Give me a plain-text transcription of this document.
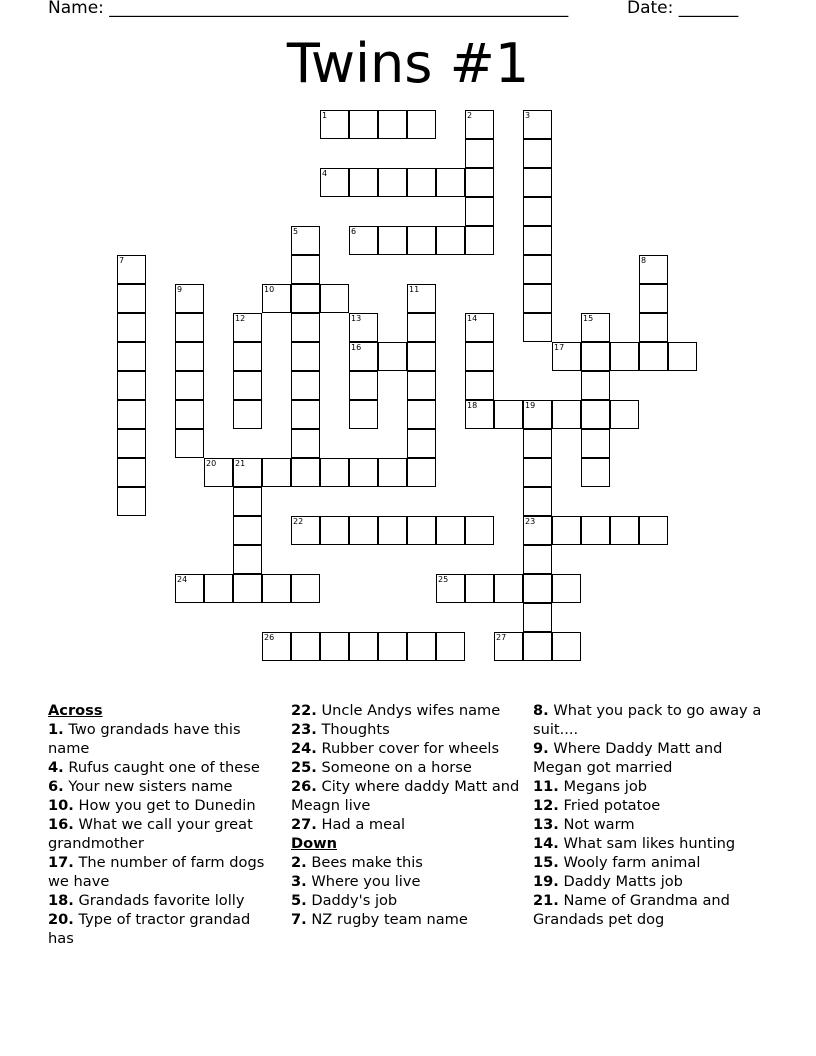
Name: ______________________________________________________	Date: _______
Twins #1
1	2	3
4
5	6
7	8
9	10	11
12	13
16
14
18
15
17
19
23
20 21
22
24	25
26	27
Across
1. Two grandads have this name
4. Rufus caught one of these
6. Your new sisters name
10. How you get to Dunedin
16. What we call your great grandmother
17. The number of farm dogs we have
18. Grandads favorite lolly
20. Type of tractor grandad has
22. Uncle Andys wifes name
23. Thoughts
24. Rubber cover for wheels
25. Someone on a horse
26. City where daddy Matt and Meagn live
27. Had a meal
Down
2. Bees make this
3. Where you live
5. Daddy's job
7. NZ rugby team name
8. What you pack to go away a suit....
9. Where Daddy Matt and Megan got married
11. Megans job
12. Fried potatoe
13. Not warm
14. What sam likes hunting
15. Wooly farm animal
19. Daddy Matts job
21. Name of Grandma and Grandads pet dog
